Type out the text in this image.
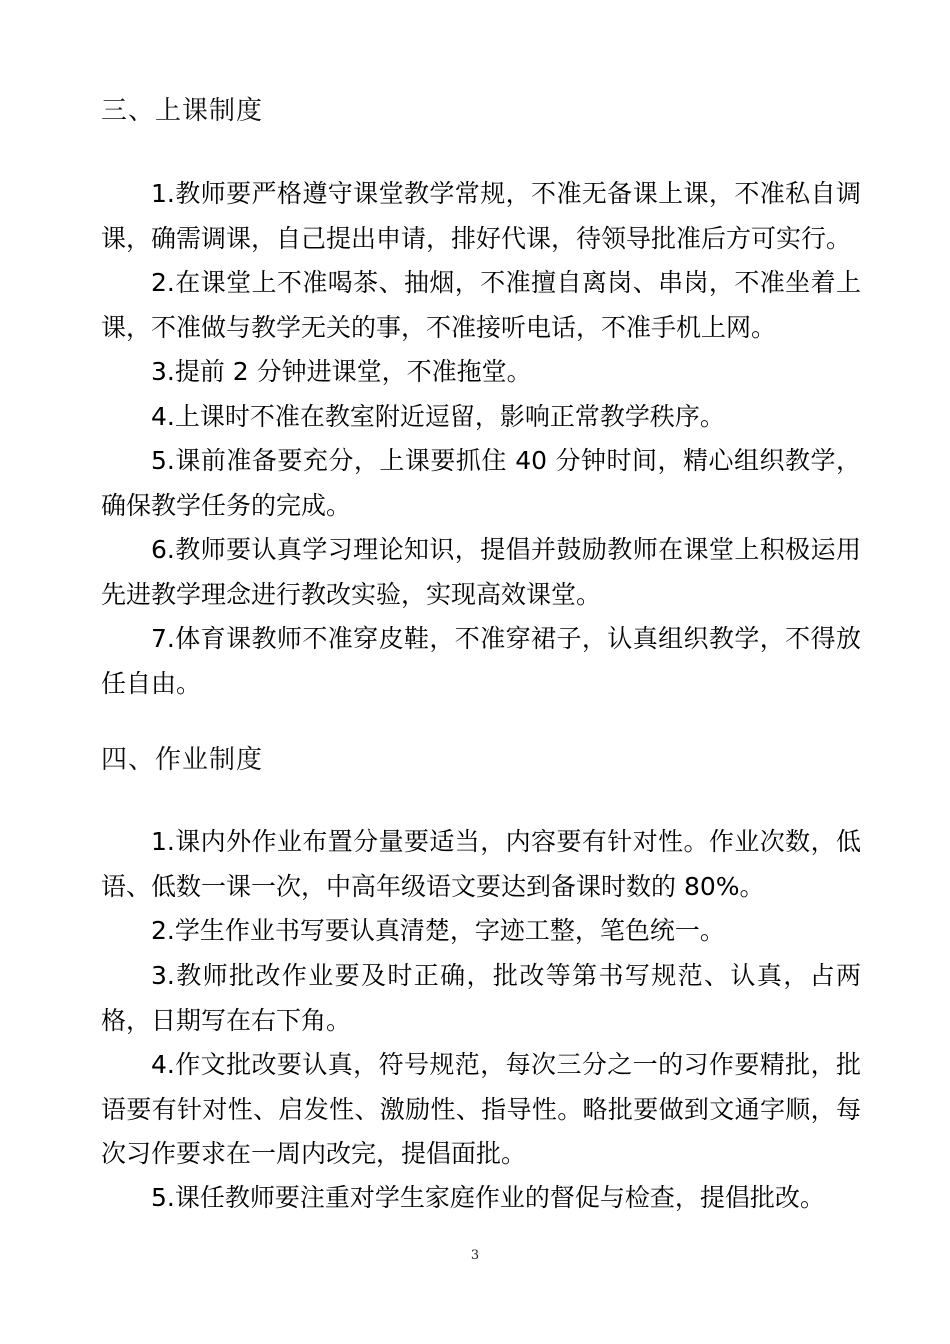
三、上课制度

1.教师要严格遵守课堂教学常规，不准无备课上课，不准私自调课，确需调课，自己提出申请，排好代课，待领导批准后方可实行。

2.在课堂上不准喝茶、抽烟，不准擅自离岗、串岗，不准坐着上课，不准做与教学无关的事，不准接听电话，不准手机上网。

3.提前 2 分钟进课堂，不准拖堂。

4.上课时不准在教室附近逗留，影响正常教学秩序。

5.课前准备要充分，上课要抓住 40 分钟时间，精心组织教学，确保教学任务的完成。

6.教师要认真学习理论知识，提倡并鼓励教师在课堂上积极运用先进教学理念进行教改实验，实现高效课堂。

7.体育课教师不准穿皮鞋，不准穿裙子，认真组织教学，不得放任自由。

四、作业制度

1.课内外作业布置分量要适当，内容要有针对性。作业次数，低语、低数一课一次，中高年级语文要达到备课时数的 80%。

2.学生作业书写要认真清楚，字迹工整，笔色统一。

3.教师批改作业要及时正确，批改等第书写规范、认真，占两格，日期写在右下角。

4.作文批改要认真，符号规范，每次三分之一的习作要精批，批语要有针对性、启发性、激励性、指导性。略批要做到文通字顺，每次习作要求在一周内改完，提倡面批。

5.课任教师要注重对学生家庭作业的督促与检查，提倡批改。

3
